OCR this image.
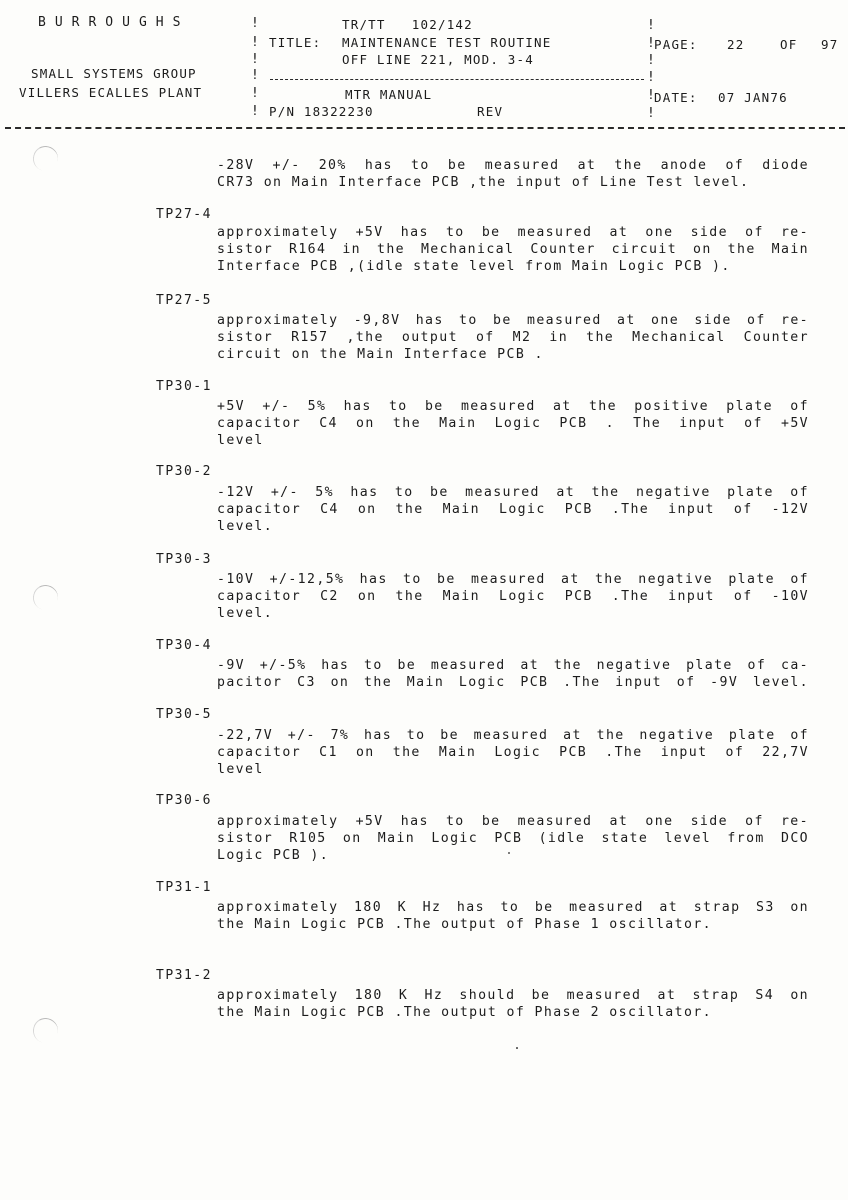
BURROUGHS
SMALL SYSTEMS GROUP
VILLERS ECALLES PLANT
!
!
!
!
!
!
TR/TT   102/142
TITLE: MAINTENANCE TEST ROUTINE
OFF LINE 221, MOD. 3-4
MTR MANUAL
P/N 18322230	REV
!
!
!
!
!
!
PAGE: 22	OF 97
DATE: 07 JAN76
-28V +/- 20% has to be measured at the anode of diode
CR73 on Main Interface PCB ,the input of Line Test level.
TP27-4
approximately +5V has to be measured at one side of re-
sistor R164 in the Mechanical Counter circuit on the Main
Interface PCB ,(idle state level from Main Logic PCB ).
TP27-5
approximately -9,8V has to be measured at one side of re-
sistor R157 ,the output of M2 in the Mechanical Counter
circuit on the Main Interface PCB .
TP30-1
+5V +/- 5% has to be measured at the positive plate of
capacitor C4 on the Main Logic PCB . The input of +5V
level
TP30-2
-12V +/- 5% has to be measured at the negative plate of
capacitor C4 on the Main Logic PCB .The input of -12V
level.
TP30-3
-10V +/-12,5% has to be measured at the negative plate of
capacitor C2 on the Main Logic PCB .The input of -10V
level.
TP30-4
-9V +/-5% has to be measured at the negative plate of ca-
pacitor C3 on the Main Logic PCB .The input of -9V level.
TP30-5
-22,7V +/- 7% has to be measured at the negative plate of
capacitor C1 on the Main Logic PCB .The input of 22,7V
level
TP30-6
approximately +5V has to be measured at one side of re-
sistor R105 on Main Logic PCB (idle state level from DCO
Logic PCB ).
TP31-1
approximately 180 K Hz has to be measured at strap S3 on
the Main Logic PCB .The output of Phase 1 oscillator.
TP31-2
approximately 180 K Hz should be measured at strap S4 on
the Main Logic PCB .The output of Phase 2 oscillator.
